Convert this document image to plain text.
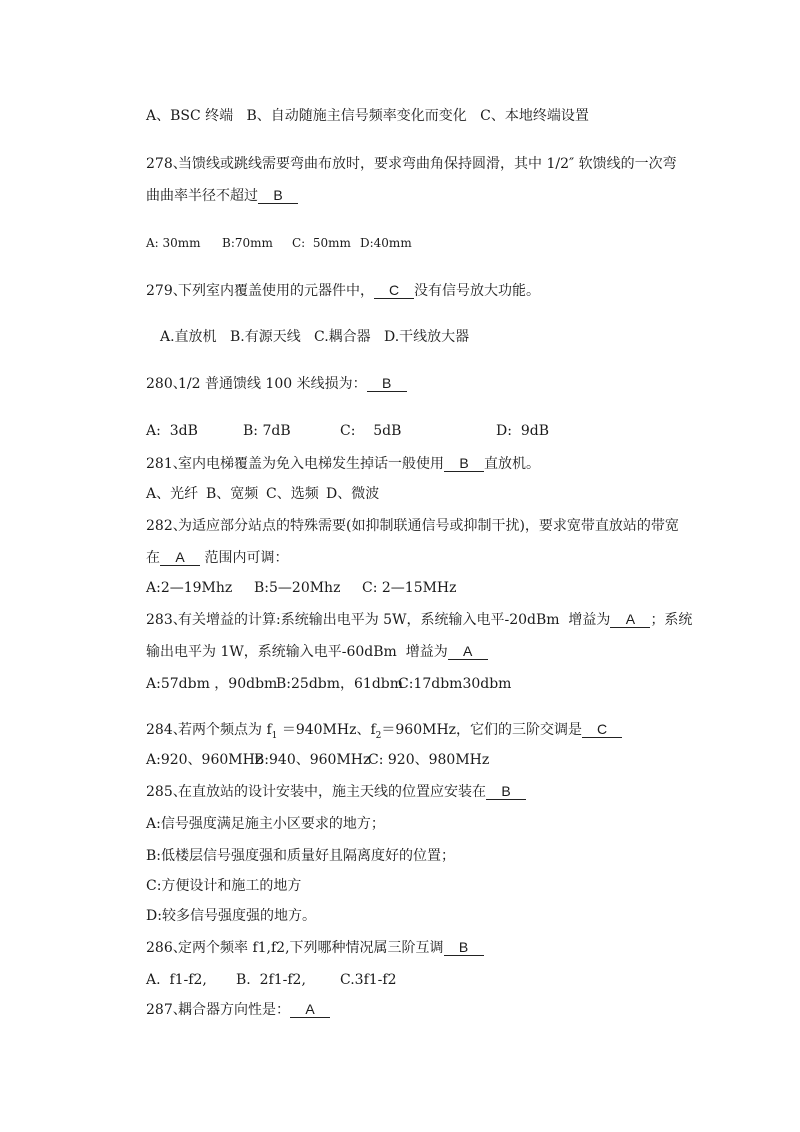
A、BSC 终端   B、自动随施主信号频率变化而变化   C、本地终端设置
278、
当馈线或跳线需要弯曲布放时，要求弯曲角保持圆滑，其中 1/2″ 软馈线的一次弯
曲曲率半径不超过 B
A: 30mm B:70mm C:  50mm D:40mm
279、
下列室内覆盖使用的元器件中， C 没有信号放大功能。
A.直放机 B.有源天线 C.耦合器 D.干线放大器
280、
1/2 普通馈线 100 米线损为： B
A:  3dB	B: 7dB	C:    5dB	D:  9dB
281、
室内电梯覆盖为免入电梯发生掉话一般使用 B 直放机。
A、光纤 B、宽频 C、选频 D、微波
282、
为适应部分站点的特殊需要(如抑制联通信号或抑制干扰)，要求宽带直放站的带宽
在 A 范围内可调：
A:2—19Mhz B:5—20Mhz C: 2—15MHz
283、
有关增益的计算:系统输出电平为 5W，系统输入电平-20dBm  增益为 A ；系统
输出电平为 1W，系统输入电平-60dBm  增益为 A
A:57dbm ，90dbm
B:25dbm，61dbm
C:17dbm30dbm
284、
若两个频点为 $f_1 =940MHz$、$f_2=960MHz$，它们的三阶交调是 C
A:920、960MHz
B:940、960MHz
C: 920、980MHz
285、
在直放站的设计安装中，施主天线的位置应安装在 B
A:信号强度满足施主小区要求的地方；
B:低楼层信号强度强和质量好且隔离度好的位置；
C:方便设计和施工的地方
D:较多信号强度强的地方。
286、
定两个频率 f1,f2,下列哪种情况属三阶互调 B
A.  f1-f2, B.  2f1-f2, C.3f1-f2
287、
耦合器方向性是： A
